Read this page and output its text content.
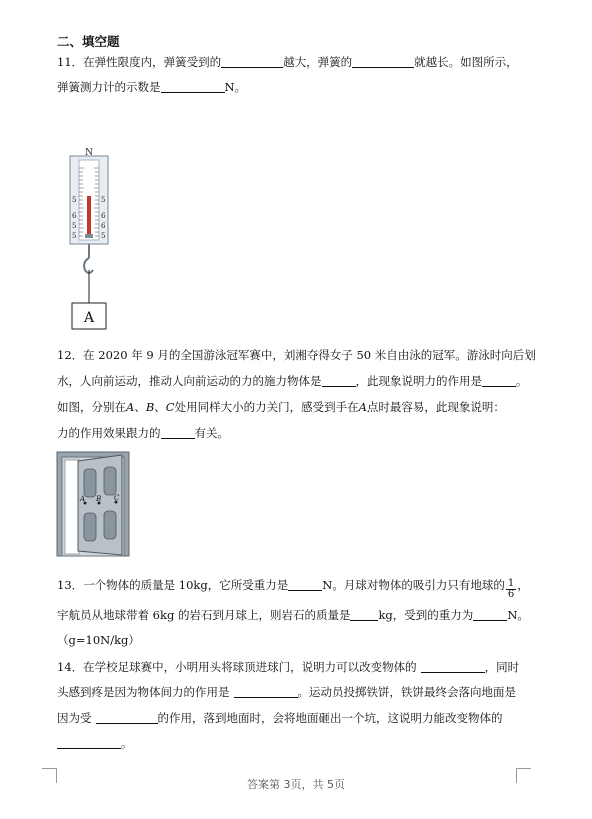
二、填空题
11．在弹性限度内，弹簧受到的	越大，弹簧的	就越长。如图所示，
弹簧测力计的示数是	N。
N
5
6
5
5
5
6
6
5
A
12．在 2020 年 9 月的全国游泳冠军赛中，刘湘夺得女子 50 米自由泳的冠军。游泳时向后划
水，人向前运动，推动人向前运动的力的施力物体是	，此现象说明力的作用是	。
如图，分别在A、B、C处用同样大小的力关门，感受到手在A点时最容易，此现象说明：
力的作用效果跟力的	有关。
A B C
13．一个物体的质量是 10kg，它所受重力是	N。月球对物体的吸引力只有地球的 $\frac{1}{6}$ ，
宇航员从地球带着 6kg 的岩石到月球上，则岩石的质量是 kg，受到的重力为	N。
（g=10N/kg）
14．在学校足球赛中，小明用头将球顶进球门，说明力可以改变物体的	，同时
头感到疼是因为物体间力的作用是	。运动员投掷铁饼，铁饼最终会落向地面是
因为受	的作用，落到地面时，会将地面砸出一个坑，这说明力能改变物体的
。
答案第 3页，共 5页
